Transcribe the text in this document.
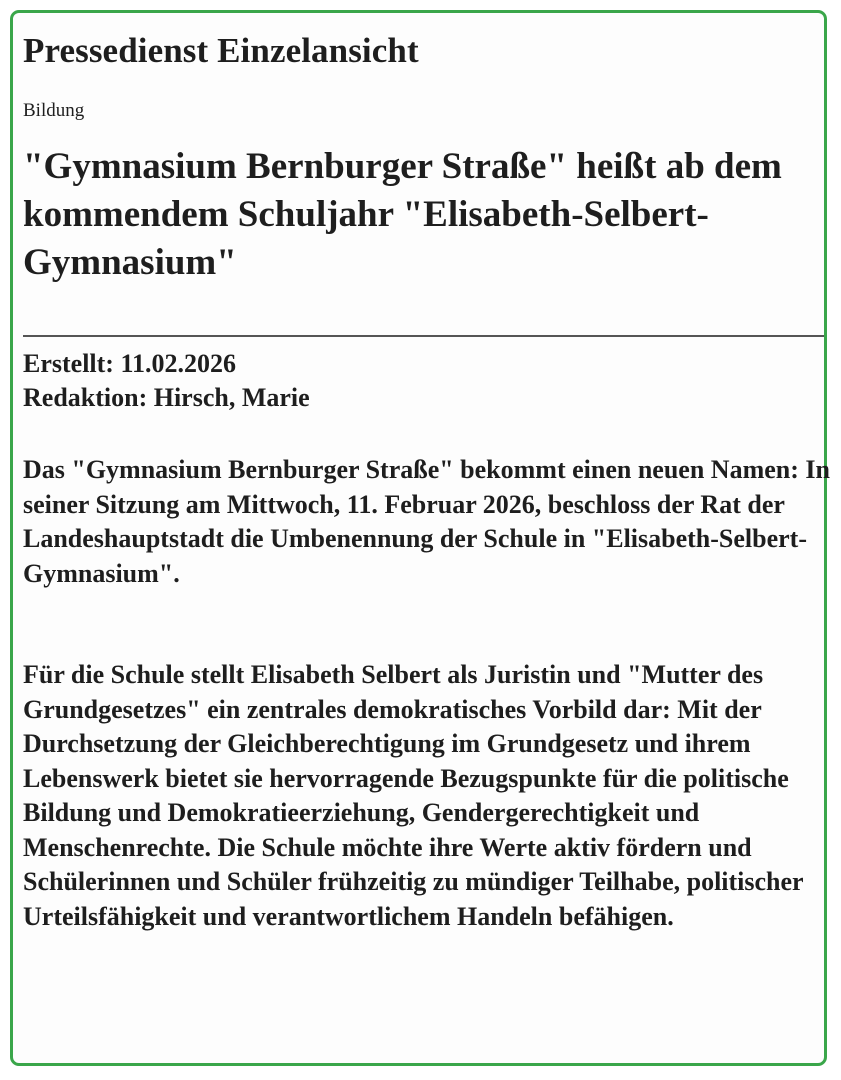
Pressedienst Einzelansicht
Bildung
"Gymnasium Bernburger Straße" heißt ab dem kommendem Schuljahr "Elisabeth-Selbert-Gymnasium"
Erstellt: 11.02.2026
Redaktion: Hirsch, Marie
Das "Gymnasium Bernburger Straße" bekommt einen neuen Namen: In seiner Sitzung am Mittwoch, 11. Februar 2026, beschloss der Rat der Landeshauptstadt die Umbenennung der Schule in "Elisabeth-Selbert-Gymnasium".
Für die Schule stellt Elisabeth Selbert als Juristin und "Mutter des Grundgesetzes" ein zentrales demokratisches Vorbild dar: Mit der Durchsetzung der Gleichberechtigung im Grundgesetz und ihrem Lebenswerk bietet sie hervorragende Bezugspunkte für die politische Bildung und Demokratieerziehung, Gendergerechtigkeit und Menschenrechte. Die Schule möchte ihre Werte aktiv fördern und Schülerinnen und Schüler frühzeitig zu mündiger Teilhabe, politischer Urteilsfähigkeit und verantwortlichem Handeln befähigen.
